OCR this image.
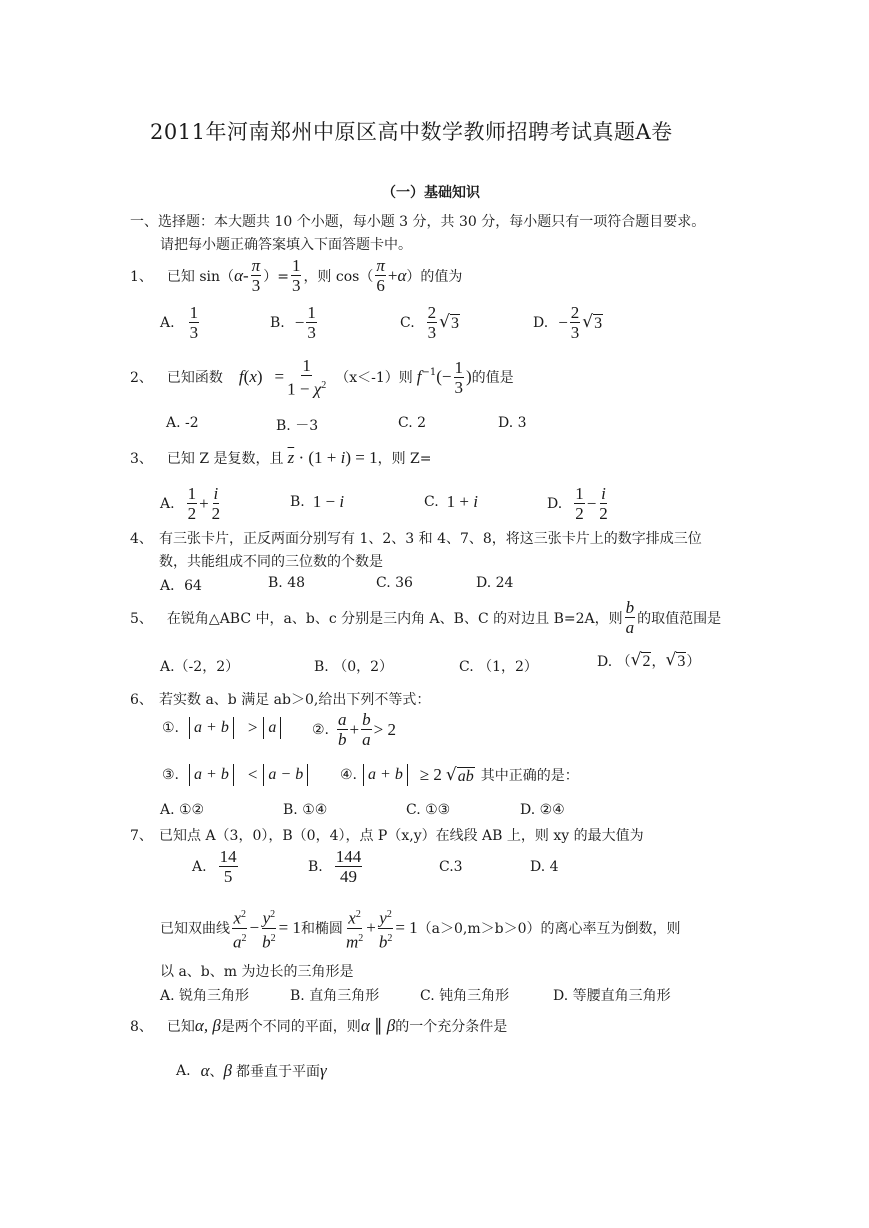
2011年河南郑州中原区高中数学教师招聘考试真题A卷
（一）基础知识
一、选择题：本大题共 10 个小题，每小题 3 分，共 30 分，每小题只有一项符合题目要求。
请把每小题正确答案填入下面答题卡中。
1、 已知 sin（ α - $\frac{\pi}{3}$ ）= $\frac{1}{3}$ ，则 $\cos( \frac{\pi}{6} +\alpha$ ）的值为
A. $\frac{1}{3}$	B. − $\frac{1}{3}$	C. $\frac{2}{3}$ √ 3	D. − $\frac{2}{3}$ √ 3
2、 已知函数 f $(x) = \frac{1}{1 - \chi^2} (x<-1)$则 $f^{-1}$ (− $\frac{1}{3}$ ) 的值是
A. -2	B. －3	C. 2	D. 3
3、 已知 Z 是复数，且 $\overline{z} \cdot (1 + i) = 1$ ，则 Z=
A. $\frac{1}{2} + \frac{i}{2}$	B. 1 − i	C. 1 + i	D. $\frac{1}{2} - \frac{i}{2}$
4、 有三张卡片，正反两面分别写有 1、2、3 和 4、7、8，将这三张卡片上的数字排成三位
数，共能组成不同的三位数的个数是
A．64	B. 48	C. 36	D. 24
5、 在锐角△ABC 中，a、b、c 分别是三内角 A、B、C 的对边且 B=2A，则 $\frac{b}{a}$ 的取值范围是
A.（-2，2）	B. （0，2）	C. （1，2）	D. （ √ 2 ， √ 3 ）
6、 若实数 a、b 满足 ab＞0,给出下列不等式：
①. a + b > a	②. $\frac{a}{b} + \frac{b}{a} > 2$
③. a + b < a − b	④. a + b ≥ 2 √ ab 其中正确的是：
A. ①②	B. ①④	C. ①③	D. ②④
7、 已知点 A（3，0），B（0，4），点 P（x,y）在线段 AB 上，则 xy 的最大值为
A. $\frac{14}{5}$	B. $\frac{144}{49}$	C.3	D. 4
已知双曲线 $\frac{x^2}{a^2} - \frac{y^2}{b^2} = 1$ 和椭圆 $\frac{x^2}{m^2} + \frac{y^2}{b^2} = 1$ （a＞0,m＞b＞0）的离心率互为倒数，则
以 a、b、m 为边长的三角形是
A. 锐角三角形	B. 直角三角形	C. 钝角三角形	D. 等腰直角三角形
8、 已知 α, β 是两个不同的平面，则 α ∥ β 的一个充分条件是
A. α 、 β 都垂直于平面 γ
